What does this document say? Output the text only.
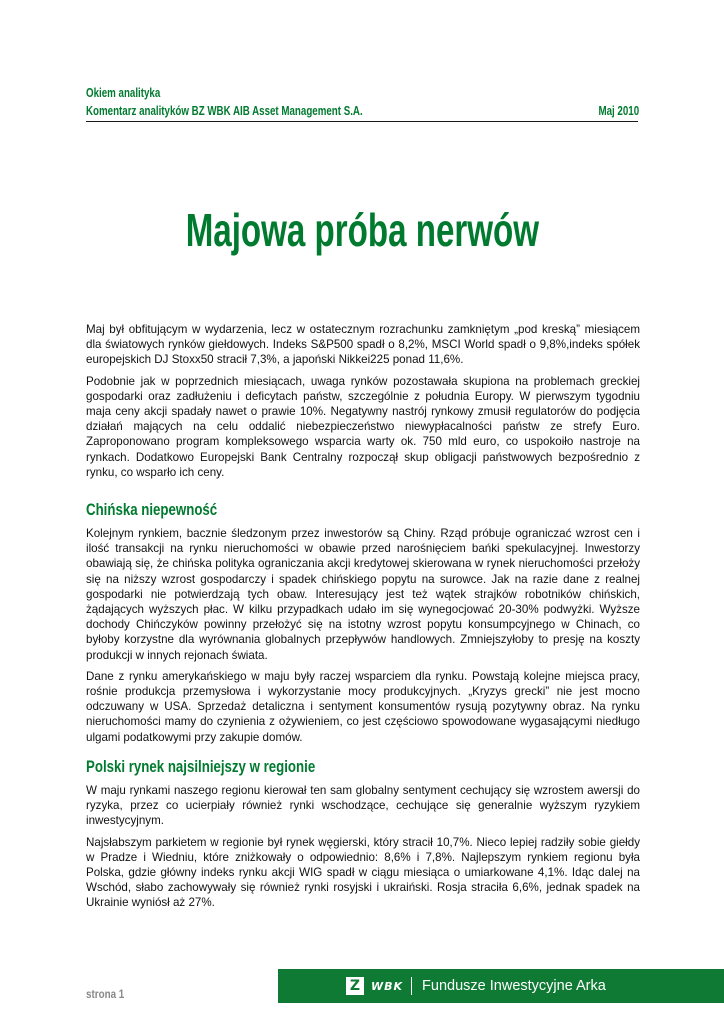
Okiem analityka
Komentarz analityków BZ WBK AIB Asset Management S.A.	Maj 2010
Majowa próba nerwów

Maj był obfitującym w wydarzenia, lecz w ostatecznym rozrachunku zamkniętym „pod kreską” miesiącem dla światowych rynków giełdowych. Indeks S&P500 spadł o 8,2%, MSCI World spadł o 9,8%,indeks spółek europejskich DJ Stoxx50 stracił 7,3%, a japoński Nikkei225 ponad 11,6%.

Podobnie jak w poprzednich miesiącach, uwaga rynków pozostawała skupiona na problemach greckiej gospodarki oraz zadłużeniu i deficytach państw, szczególnie z południa Europy. W pierwszym tygodniu maja ceny akcji spadały nawet o prawie 10%. Negatywny nastrój rynkowy zmusił regulatorów do podjęcia działań mających na celu oddalić niebezpieczeństwo niewypłacalności państw ze strefy Euro. Zaproponowano program kompleksowego wsparcia warty ok. 750 mld euro, co uspokoiło nastroje na rynkach. Dodatkowo Europejski Bank Centralny rozpoczął skup obligacji państwowych bezpośrednio z rynku, co wsparło ich ceny.

Chińska niepewność

Kolejnym rynkiem, bacznie śledzonym przez inwestorów są Chiny. Rząd próbuje ograniczać wzrost cen i ilość transakcji na rynku nieruchomości w obawie przed narośnięciem bańki spekulacyjnej. Inwestorzy obawiają się, że chińska polityka ograniczania akcji kredytowej skierowana w rynek nieruchomości przełoży się na niższy wzrost gospodarczy i spadek chińskiego popytu na surowce. Jak na razie dane z realnej gospodarki nie potwierdzają tych obaw. Interesujący jest też wątek strajków robotników chińskich, żądających wyższych płac. W kilku przypadkach udało im się wynegocjować 20-30% podwyżki. Wyższe dochody Chińczyków powinny przełożyć się na istotny wzrost popytu konsumpcyjnego w Chinach, co byłoby korzystne dla wyrównania globalnych przepływów handlowych. Zmniejszyłoby to presję na koszty produkcji w innych rejonach świata.

Dane z rynku amerykańskiego w maju były raczej wsparciem dla rynku. Powstają kolejne miejsca pracy, rośnie produkcja przemysłowa i wykorzystanie mocy produkcyjnych. „Kryzys grecki” nie jest mocno odczuwany w USA. Sprzedaż detaliczna i sentyment konsumentów rysują pozytywny obraz. Na rynku nieruchomości mamy do czynienia z ożywieniem, co jest częściowo spowodowane wygasającymi niedługo ulgami podatkowymi przy zakupie domów.

Polski rynek najsilniejszy w regionie

W maju rynkami naszego regionu kierował ten sam globalny sentyment cechujący się wzrostem awersji do ryzyka, przez co ucierpiały również rynki wschodzące, cechujące się generalnie wyższym ryzykiem inwestycyjnym.

Najsłabszym parkietem w regionie był rynek węgierski, który stracił 10,7%. Nieco lepiej radziły sobie giełdy w Pradze i Wiedniu, które zniżkowały o odpowiednio: 8,6% i 7,8%. Najlepszym rynkiem regionu była Polska, gdzie główny indeks rynku akcji WIG spadł w ciągu miesiąca o umiarkowane 4,1%. Idąc dalej na Wschód, słabo zachowywały się również rynki rosyjski i ukraiński. Rosja straciła 6,6%, jednak spadek na Ukrainie wyniósł aż 27%.

strona 1	Z WBK Fundusze Inwestycyjne Arka
